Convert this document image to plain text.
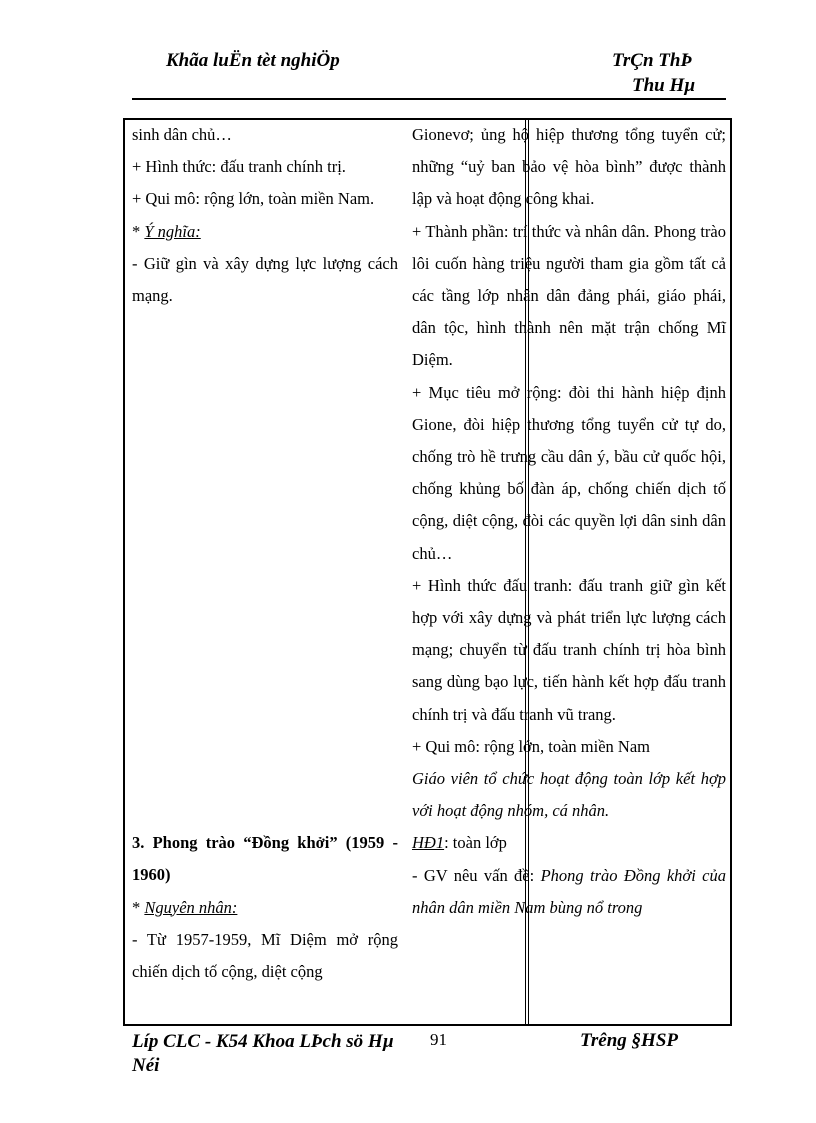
Khãa luËn tèt nghiÖp	TrÇn ThÞ
Thu Hµ

sinh dân chủ…

+ Hình thức: đấu tranh chính trị.

+ Qui mô: rộng lớn, toàn miền Nam.

* Ý nghĩa:

- Giữ gìn và xây dựng lực lượng cách mạng.

3. Phong trào “Đồng khởi” (1959 - 1960)

* Nguyên nhân:

- Từ 1957-1959, Mĩ Diệm mở rộng chiến dịch tố cộng, diệt cộng

Gionevơ; ủng hộ hiệp thương tổng tuyển cử; những “uỷ ban bảo vệ hòa bình” được thành lập và hoạt động công khai.

+ Thành phần: trí thức và nhân dân. Phong trào lôi cuốn hàng triệu người tham gia gồm tất cả các tầng lớp nhân dân đảng phái, giáo phái, dân tộc, hình thành nên mặt trận chống Mĩ Diệm.

+ Mục tiêu mở rộng: đòi thi hành hiệp định Gione, đòi hiệp thương tổng tuyển cử tự do, chống trò hề trưng cầu dân ý, bầu cử quốc hội, chống khủng bố đàn áp, chống chiến dịch tố cộng, diệt cộng, đòi các quyền lợi dân sinh dân chủ…

+ Hình thức đấu tranh: đấu tranh giữ gìn kết hợp với xây dựng và phát triển lực lượng cách mạng; chuyển từ đấu tranh chính trị hòa bình sang dùng bạo lực, tiến hành kết hợp đấu tranh chính trị và đấu tranh vũ trang.

+ Qui mô: rộng lớn, toàn miền Nam

Giáo viên tổ chức hoạt động toàn lớp kết hợp với hoạt động nhóm, cá nhân.

HĐ1: toàn lớp

- GV nêu vấn đề: Phong trào Đồng khởi của nhân dân miền Nam bùng nổ trong

Líp CLC - K54 Khoa LÞch sö Hµ Néi
91	Trêng §HSP
